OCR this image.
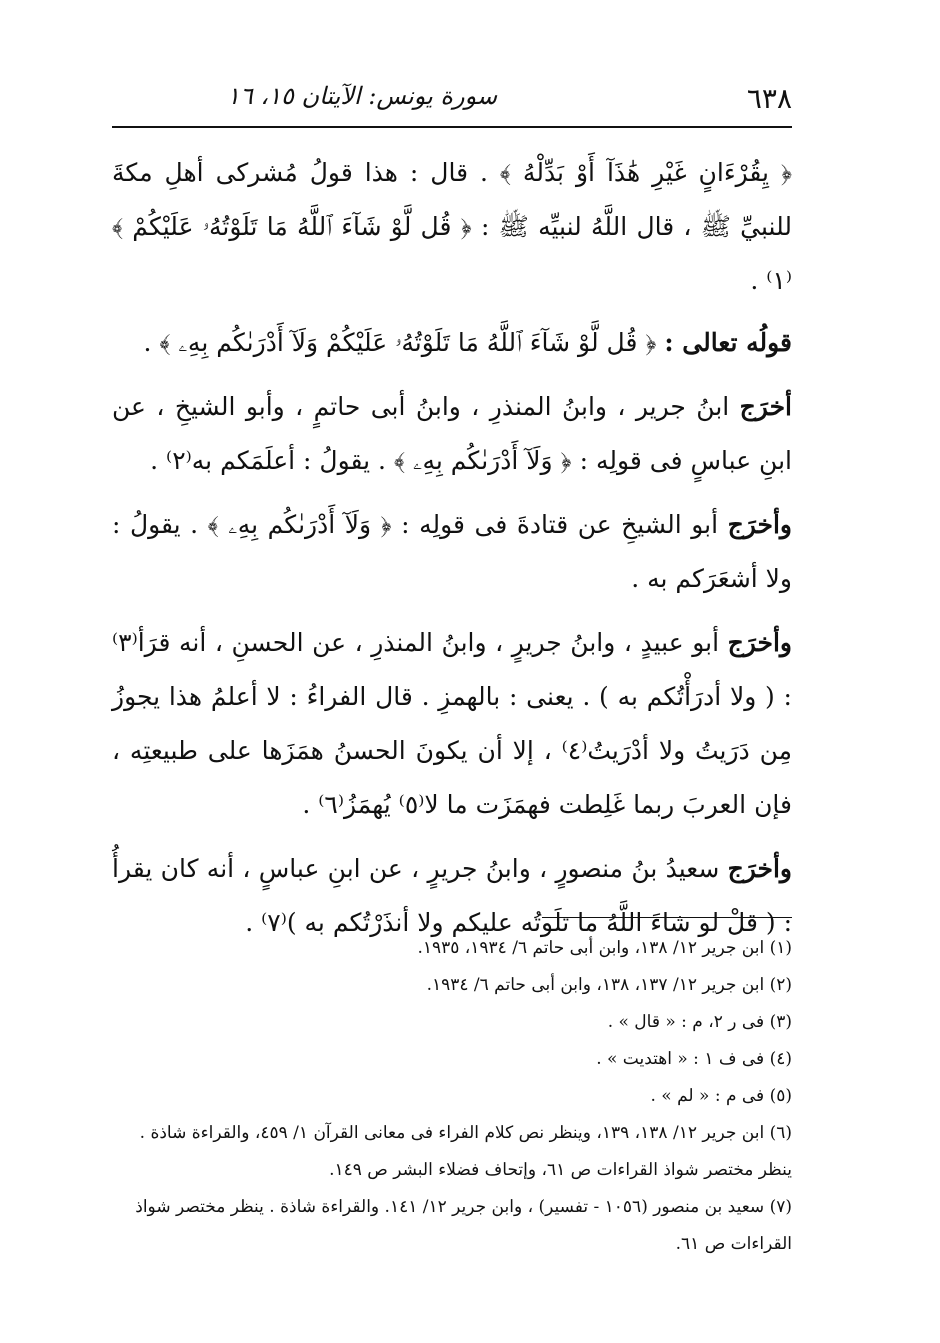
٦٣٨
سورة يونس: الآيتان ١٥، ١٦

﴿ يِقُرْءَانٍ غَيْرِ هَٰذَآ أَوْ بَدِّلْهُ ﴾ . قال : هذا قولُ مُشركى أهلِ مكةَ للنبيِّ ﷺ ، قال اللَّهُ لنبيِّه ﷺ : ﴿ قُل لَّوْ شَآءَ ٱللَّهُ مَا تَلَوْتُهُۥ عَلَيْكُمْ ﴾⁽١⁾ .

قولُه تعالى : ﴿ قُل لَّوْ شَآءَ ٱللَّهُ مَا تَلَوْتُهُۥ عَلَيْكُمْ وَلَآ أَدْرَىٰكُم بِهِۦ ﴾ .

أخرَج ابنُ جرير ، وابنُ المنذرِ ، وابنُ أبى حاتمٍ ، وأبو الشيخِ ، عن ابنِ عباسٍ فى قولِه : ﴿ وَلَآ أَدْرَىٰكُم بِهِۦ ﴾ . يقولُ : أعلَمَكم به⁽٢⁾ .

وأخرَج أبو الشيخِ عن قتادةَ فى قولِه : ﴿ وَلَآ أَدْرَىٰكُم بِهِۦ ﴾ . يقولُ : ولا أشعَرَكم به .

وأخرَج أبو عبيدٍ ، وابنُ جريرٍ ، وابنُ المنذرِ ، عن الحسنِ ، أنه قرَأ⁽٣⁾ : ( ولا أدرَأْتُكم به ) . يعنى : بالهمزِ . قال الفراءُ : لا أعلمُ هذا يجوزُ مِن دَرَيتُ ولا أدْرَيتُ⁽٤⁾ ، إلا أن يكونَ الحسنُ همَزَها على طبيعتِه ، فإن العربَ ربما غَلِطت فهمَزَت ما لا⁽٥⁾ يُهمَزُ⁽٦⁾ .

وأخرَج سعيدُ بنُ منصورٍ ، وابنُ جريرٍ ، عن ابنِ عباسٍ ، أنه كان يقرأُ : ( قلْ لو شاءَ اللَّهُ ما تلَوتُه عليكم ولا أنذَرْتُكم به )⁽٧⁾ .

(١) ابن جرير ١٢/ ١٣٨، وابن أبى حاتم ٦/ ١٩٣٤، ١٩٣٥.

(٢) ابن جرير ١٢/ ١٣٧، ١٣٨، وابن أبى حاتم ٦/ ١٩٣٤.

(٣) فى ر ٢، م : « قال » .

(٤) فى ف ١ : « اهتديت » .

(٥) فى م : « لم » .

(٦) ابن جرير ١٢/ ١٣٨، ١٣٩، وينظر نص كلام الفراء فى معانى القرآن ١/ ٤٥٩، والقراءة شاذة . ينظر مختصر شواذ القراءات ص ٦١، وإتحاف فضلاء البشر ص ١٤٩.

(٧) سعيد بن منصور (١٠٥٦ - تفسير) ، وابن جرير ١٢/ ١٤١. والقراءة شاذة . ينظر مختصر شواذ القراءات ص ٦١.
